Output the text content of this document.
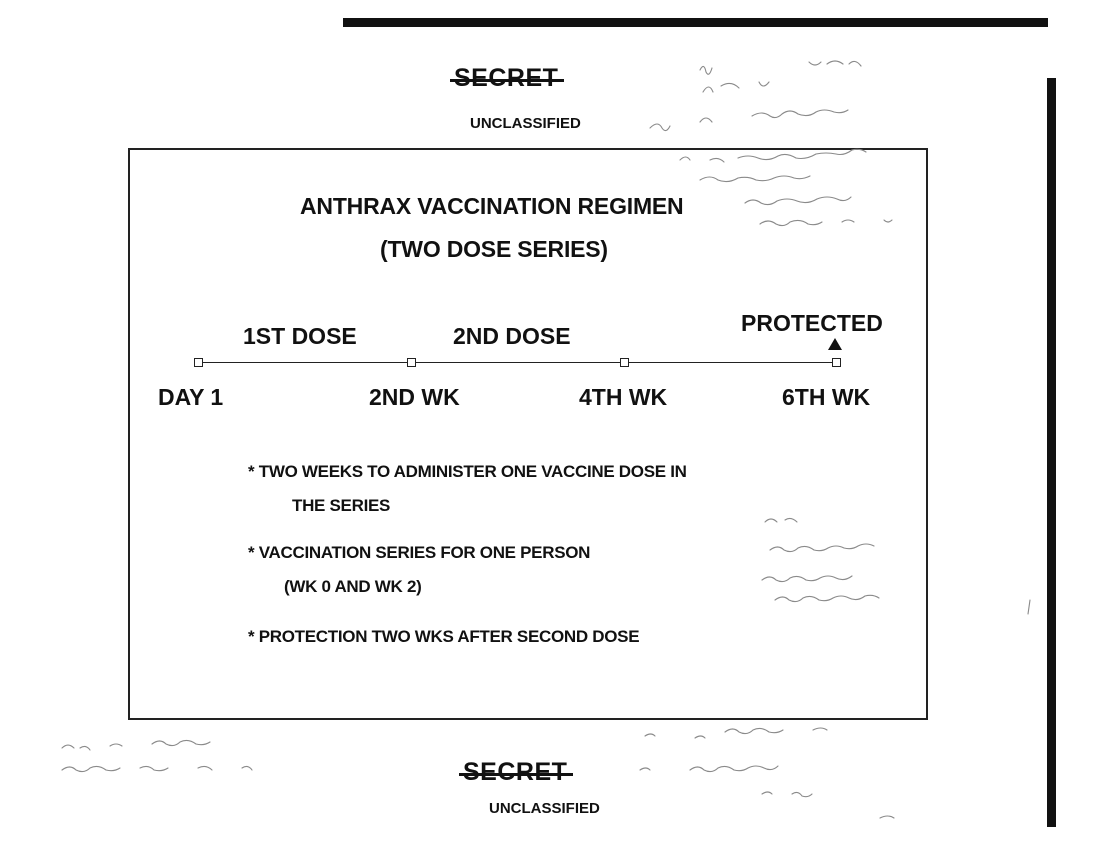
UNCLASSIFIED
ANTHRAX VACCINATION REGIMEN
(TWO DOSE SERIES)
1ST DOSE	2ND DOSE	PROTECTED
DAY 1	2ND WK	4TH WK	6TH WK
* TWO WEEKS TO ADMINISTER ONE VACCINE DOSE IN
THE SERIES
* VACCINATION SERIES FOR ONE PERSON
(WK 0 AND WK 2)
* PROTECTION TWO WKS AFTER SECOND DOSE
UNCLASSIFIED
